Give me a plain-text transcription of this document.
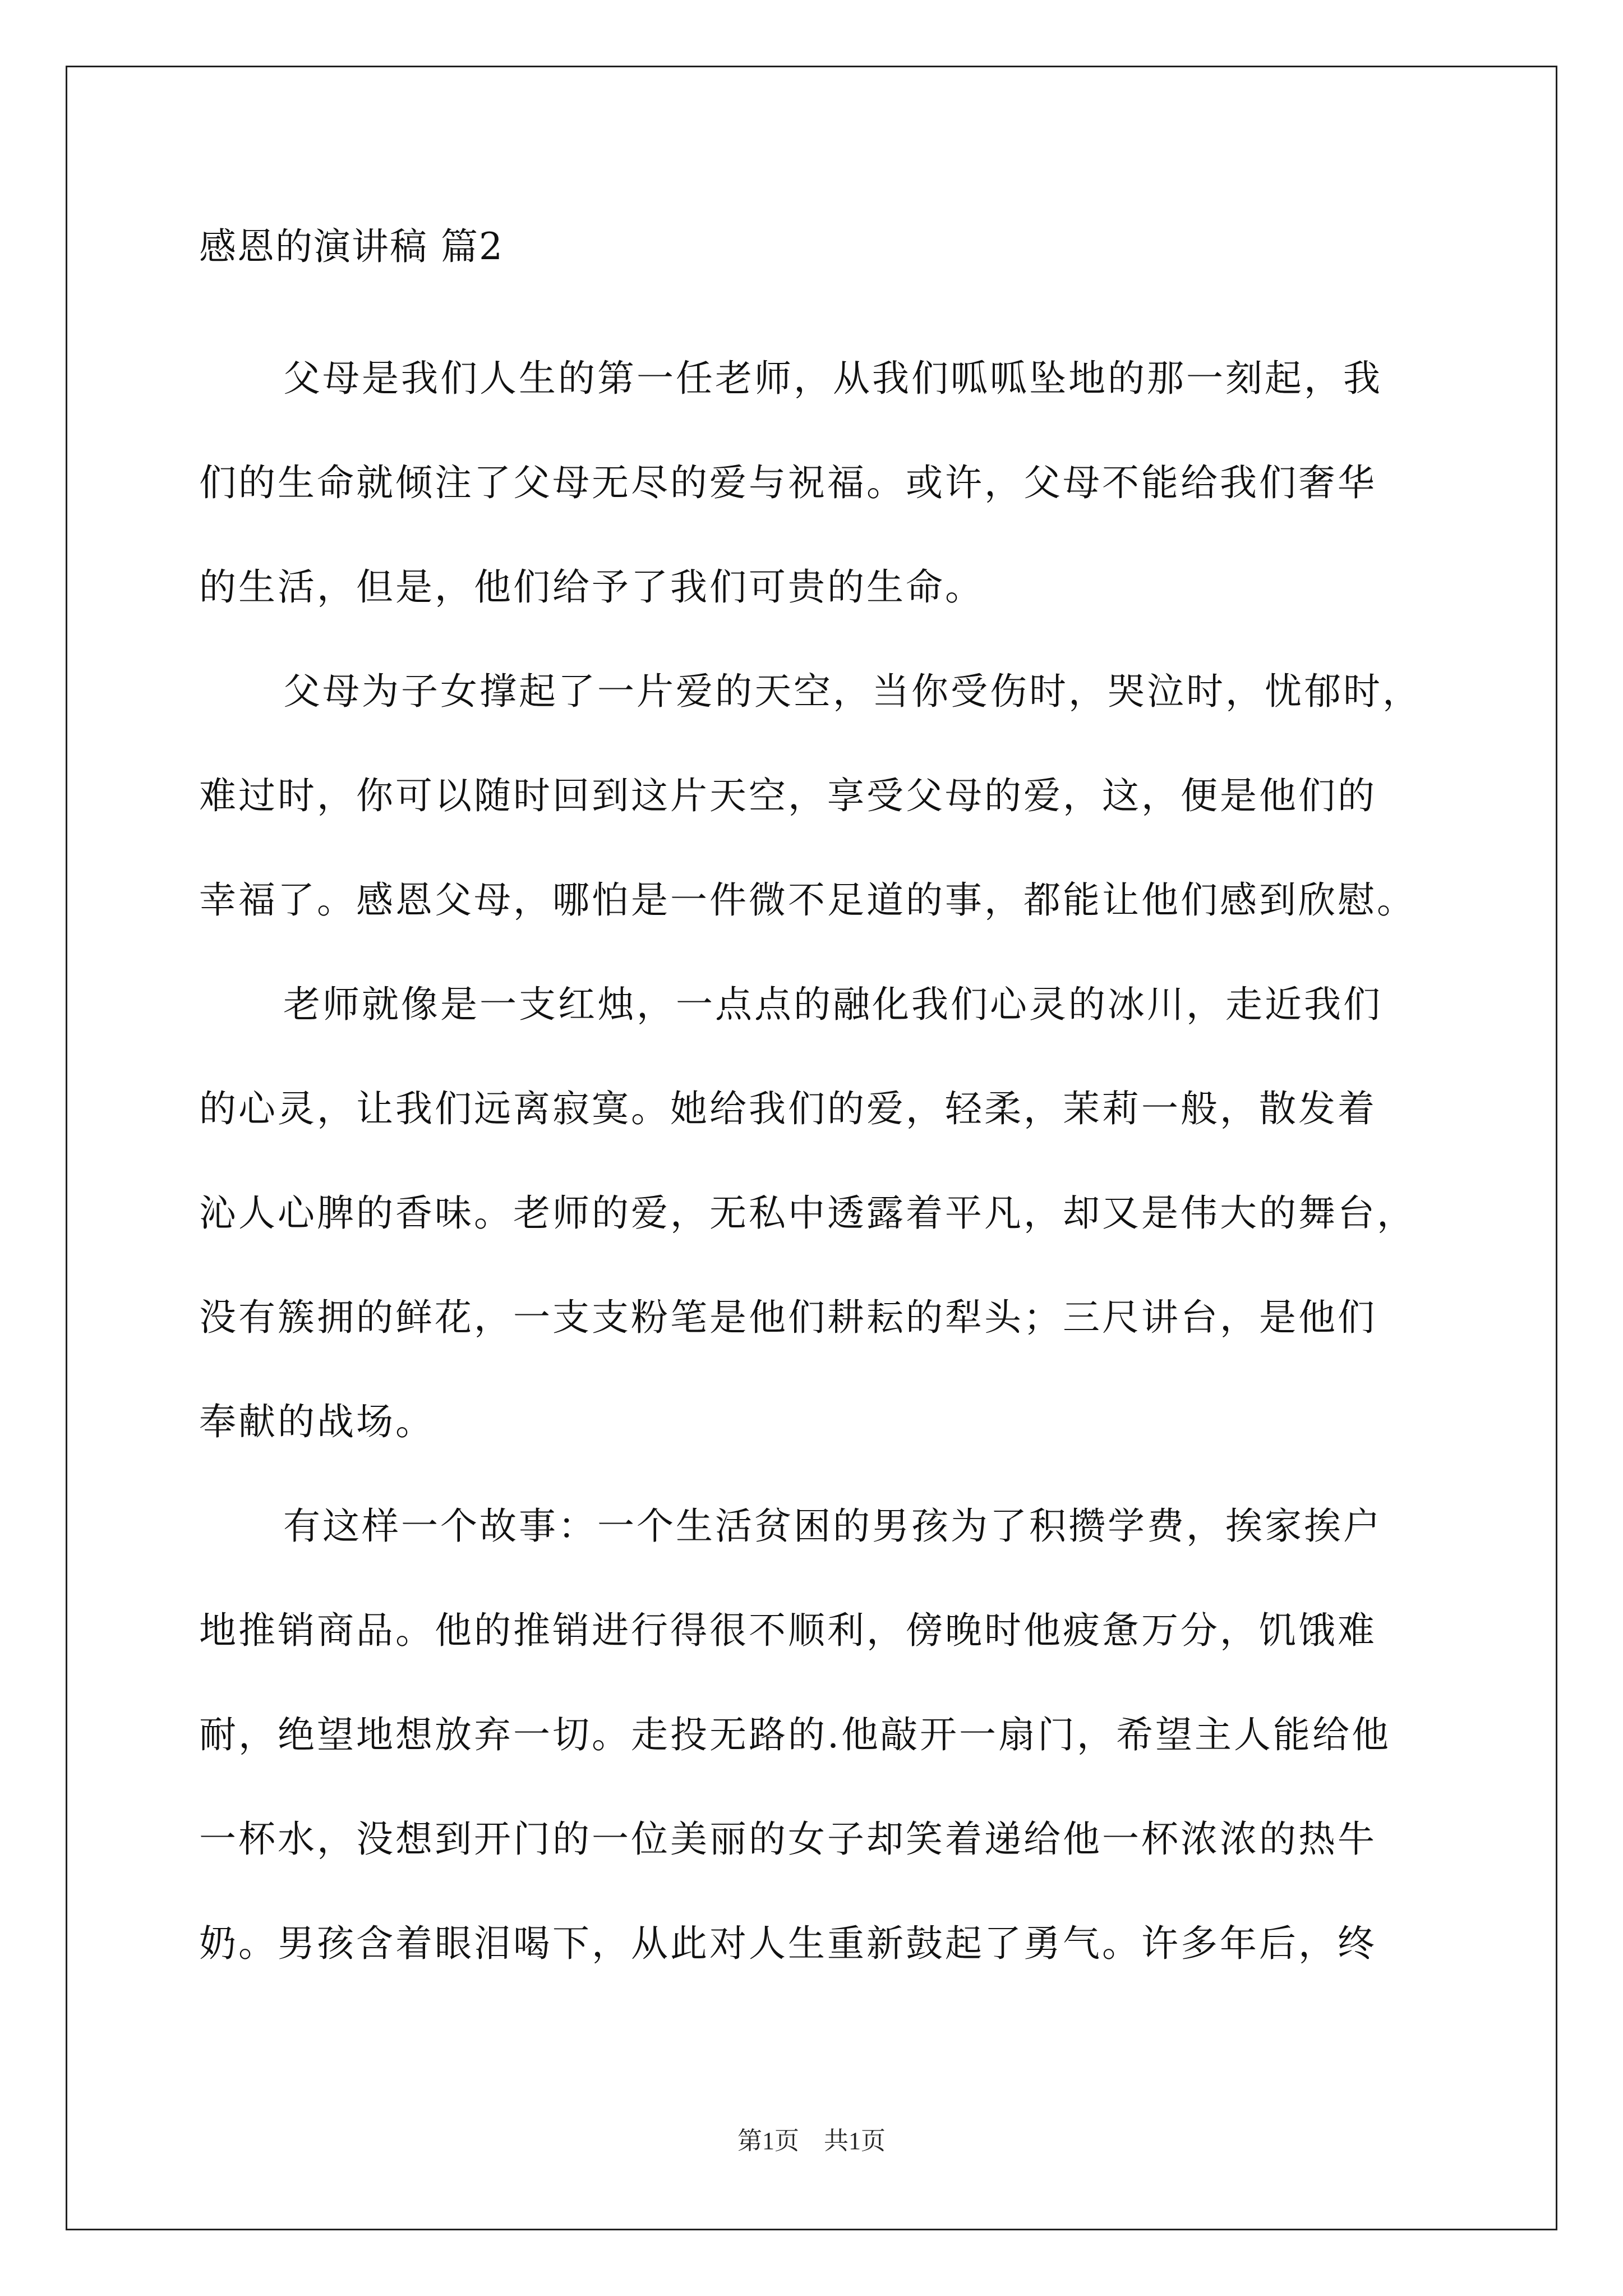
感恩的演讲稿 篇2
父母是我们人生的第一任老师，从我们呱呱坠地的那一刻起，我
们的生命就倾注了父母无尽的爱与祝福。或许，父母不能给我们奢华
的生活，但是，他们给予了我们可贵的生命。
父母为子女撑起了一片爱的天空，当你受伤时，哭泣时，忧郁时，
难过时，你可以随时回到这片天空，享受父母的爱，这，便是他们的
幸福了。感恩父母，哪怕是一件微不足道的事，都能让他们感到欣慰。
老师就像是一支红烛，一点点的融化我们心灵的冰川，走近我们
的心灵，让我们远离寂寞。她给我们的爱，轻柔，茉莉一般，散发着
沁人心脾的香味。老师的爱，无私中透露着平凡，却又是伟大的舞台，
没有簇拥的鲜花，一支支粉笔是他们耕耘的犁头；三尺讲台，是他们
奉献的战场。
有这样一个故事：一个生活贫困的男孩为了积攒学费，挨家挨户
地推销商品。他的推销进行得很不顺利，傍晚时他疲惫万分，饥饿难
耐，绝望地想放弃一切。走投无路的.他敲开一扇门，希望主人能给他
一杯水，没想到开门的一位美丽的女子却笑着递给他一杯浓浓的热牛
奶。男孩含着眼泪喝下，从此对人生重新鼓起了勇气。许多年后，终
第1页　共1页
